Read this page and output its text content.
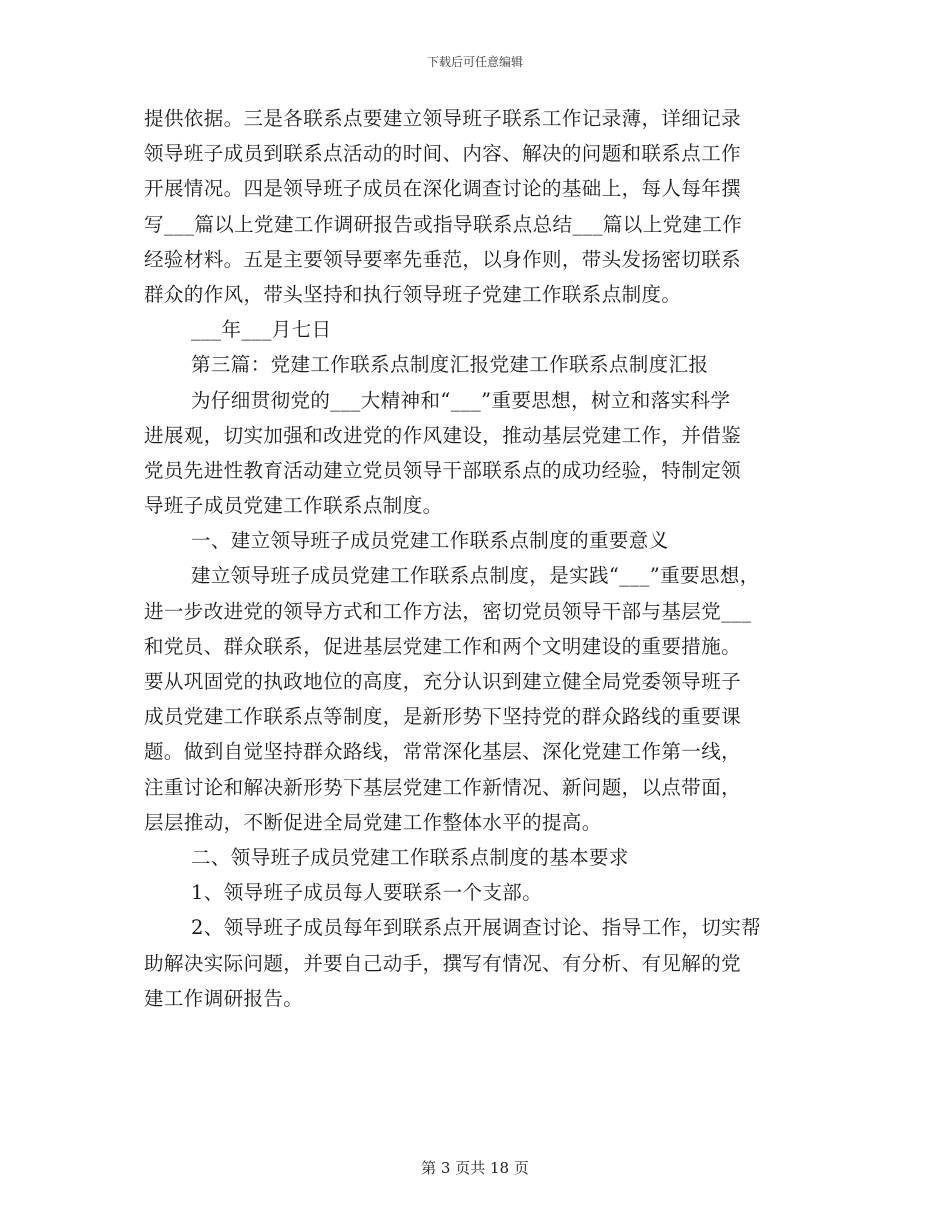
下载后可任意编辑
提供依据。三是各联系点要建立领导班子联系工作记录薄，详细记录
领导班子成员到联系点活动的时间、内容、解决的问题和联系点工作
开展情况。四是领导班子成员在深化调查讨论的基础上，每人每年撰
写___篇以上党建工作调研报告或指导联系点总结___篇以上党建工作
经验材料。五是主要领导要率先垂范，以身作则，带头发扬密切联系
群众的作风，带头坚持和执行领导班子党建工作联系点制度。
___年___月七日
第三篇：党建工作联系点制度汇报党建工作联系点制度汇报
为仔细贯彻党的___大精神和“___”重要思想，树立和落实科学
进展观，切实加强和改进党的作风建设，推动基层党建工作，并借鉴
党员先进性教育活动建立党员领导干部联系点的成功经验，特制定领
导班子成员党建工作联系点制度。
一、建立领导班子成员党建工作联系点制度的重要意义
建立领导班子成员党建工作联系点制度，是实践“___”重要思想，
进一步改进党的领导方式和工作方法，密切党员领导干部与基层党___
和党员、群众联系，促进基层党建工作和两个文明建设的重要措施。
要从巩固党的执政地位的高度，充分认识到建立健全局党委领导班子
成员党建工作联系点等制度，是新形势下坚持党的群众路线的重要课
题。做到自觉坚持群众路线，常常深化基层、深化党建工作第一线，
注重讨论和解决新形势下基层党建工作新情况、新问题，以点带面，
层层推动，不断促进全局党建工作整体水平的提高。
二、领导班子成员党建工作联系点制度的基本要求
1、领导班子成员每人要联系一个支部。
2、领导班子成员每年到联系点开展调查讨论、指导工作，切实帮
助解决实际问题，并要自己动手，撰写有情况、有分析、有见解的党
建工作调研报告。
第 3 页共 18 页
